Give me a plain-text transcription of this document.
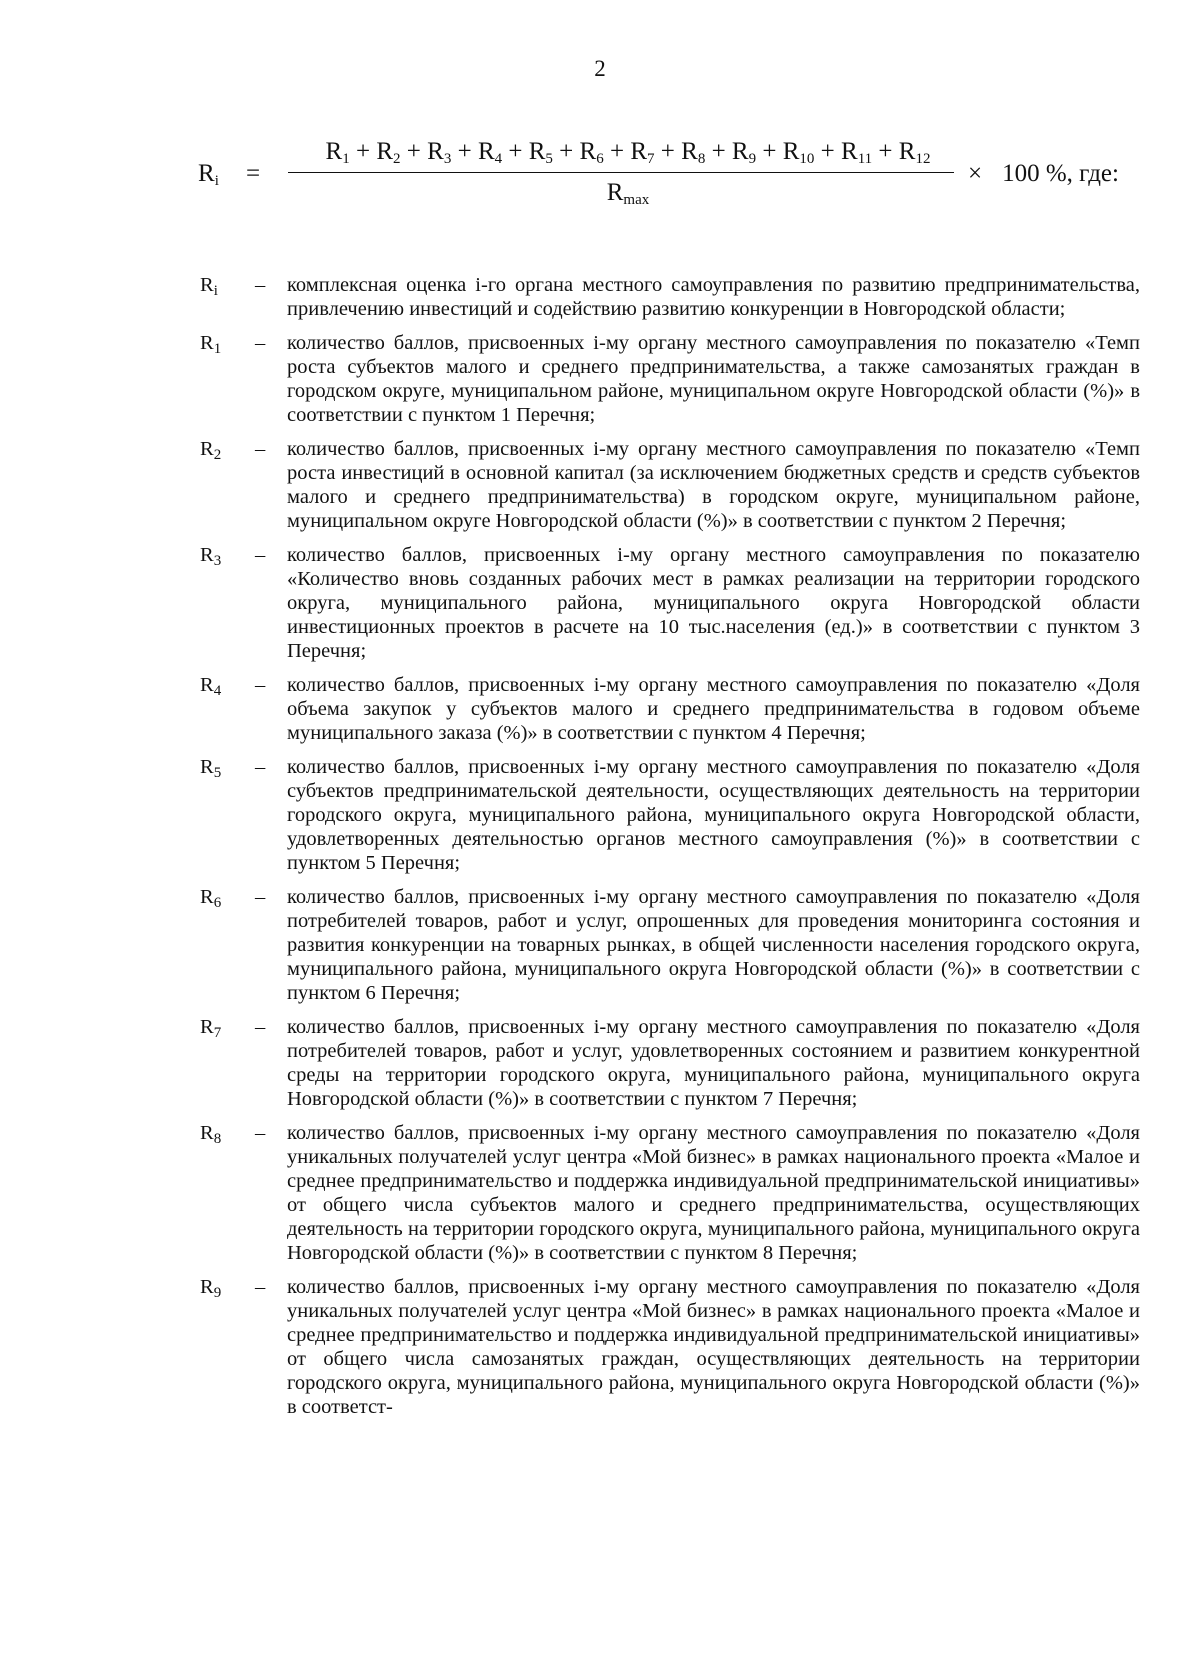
2
$R_i$ =
$R_1 + R_2 + R_3 + R_4 + R_5 + R_6 + R_7 + R_8 + R_9 + R_{10} + R_{11} + R_{12}$
$R_{max}$
× 100 %, где:
$R_i$	–	комплексная оценка i-го органа местного самоуправления по развитию предпринимательства, привлечению инвестиций и содействию развитию конкуренции в Новгородской области;
$R_1$	–	количество баллов, присвоенных i-му органу местного самоуправления по показателю «Темп роста субъектов малого и среднего предпринимательства, а также самозанятых граждан в городском округе, муниципальном районе, муниципальном округе Новгородской области (%)» в соответствии с пунктом 1 Перечня;
$R_2$	–	количество баллов, присвоенных i-му органу местного самоуправления по показателю «Темп роста инвестиций в основной капитал (за исключением бюджетных средств и средств субъектов малого и среднего предпринимательства) в городском округе, муниципальном районе, муниципальном округе Новгородской области (%)» в соответствии с пунктом 2 Перечня;
$R_3$	–	количество баллов, присвоенных i-му органу местного самоуправления по показателю «Количество вновь созданных рабочих мест в рамках реализации на территории городского округа, муниципального района, муниципального округа Новгородской области инвестиционных проектов в расчете на 10 тыс.населения (ед.)» в соответствии с пунктом 3 Перечня;
$R_4$	–	количество баллов, присвоенных i-му органу местного самоуправления по показателю «Доля объема закупок у субъектов малого и среднего предпринимательства в годовом объеме муниципального заказа (%)» в соответствии с пунктом 4 Перечня;
$R_5$	–	количество баллов, присвоенных i-му органу местного самоуправления по показателю «Доля субъектов предпринимательской деятельности, осуществляющих деятельность на территории городского округа, муниципального района, муниципального округа Новгородской области, удовлетворенных деятельностью органов местного самоуправления (%)» в соответствии с пунктом 5 Перечня;
$R_6$	–	количество баллов, присвоенных i-му органу местного самоуправления по показателю «Доля потребителей товаров, работ и услуг, опрошенных для проведения мониторинга состояния и развития конкуренции на товарных рынках, в общей численности населения городского округа, муниципального района, муниципального округа Новгородской области (%)» в соответствии с пунктом 6 Перечня;
$R_7$	–	количество баллов, присвоенных i-му органу местного самоуправления по показателю «Доля потребителей товаров, работ и услуг, удовлетворенных состоянием и развитием конкурентной среды на территории городского округа, муниципального района, муниципального округа Новгородской области (%)» в соответствии с пунктом 7 Перечня;
$R_8$	–	количество баллов, присвоенных i-му органу местного самоуправления по показателю «Доля уникальных получателей услуг центра «Мой бизнес» в рамках национального проекта «Малое и среднее предпринимательство и поддержка индивидуальной предпринимательской инициативы» от общего числа субъектов малого и среднего предпринимательства, осуществляющих деятельность на территории городского округа, муниципального района, муниципального округа Новгородской области (%)» в соответствии с пунктом 8 Перечня;
$R_9$	–	количество баллов, присвоенных i-му органу местного самоуправления по показателю «Доля уникальных получателей услуг центра «Мой бизнес» в рамках национального проекта «Малое и среднее предпринимательство и поддержка индивидуальной предпринимательской инициативы» от общего числа самозанятых граждан, осуществляющих деятельность на территории городского округа, муниципального района, муниципального округа Новгородской области (%)» в соответст-
